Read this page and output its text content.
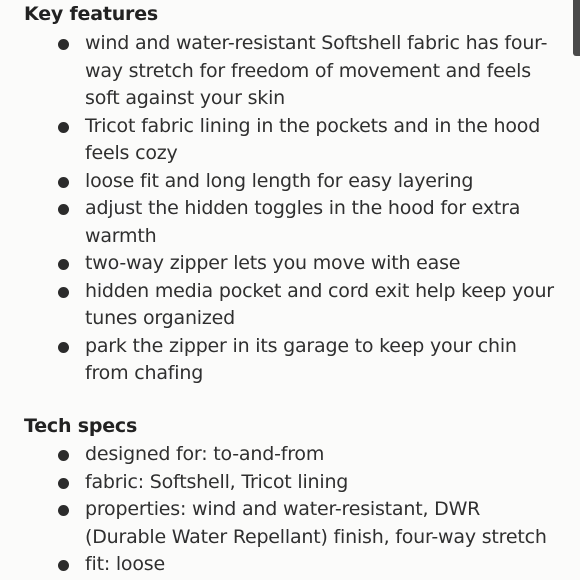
Key features
wind and water-resistant Softshell fabric has four-way stretch for freedom of movement and feels soft against your skin
Tricot fabric lining in the pockets and in the hood feels cozy
loose fit and long length for easy layering
adjust the hidden toggles in the hood for extra warmth
two-way zipper lets you move with ease
hidden media pocket and cord exit help keep your tunes organized
park the zipper in its garage to keep your chin from chafing
Tech specs
designed for: to-and-from
fabric: Softshell, Tricot lining
properties: wind and water-resistant, DWR (Durable Water Repellant) finish, four-way stretch
fit: loose
